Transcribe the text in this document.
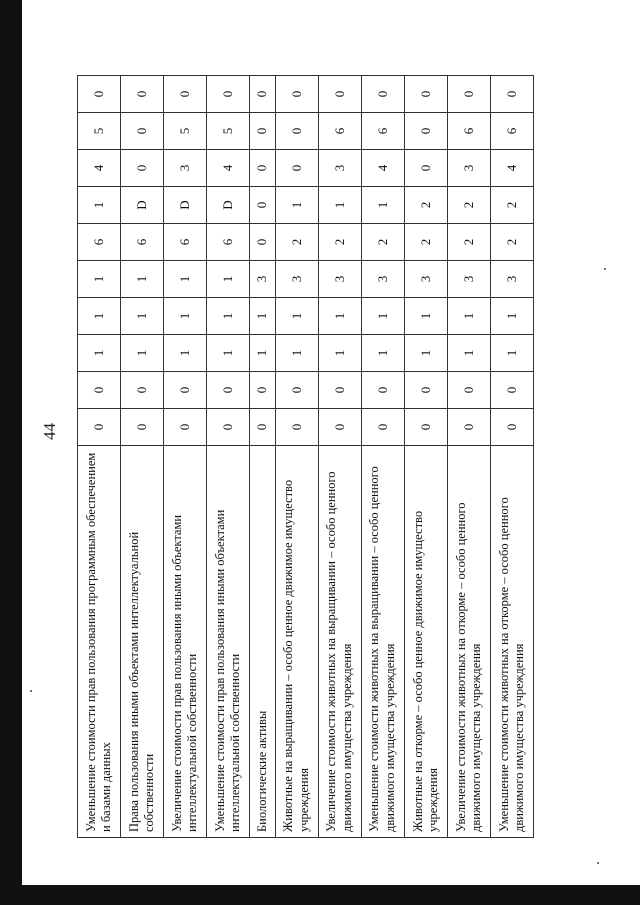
44
Уменьшение стоимости прав пользования программным обеспечением и базами данных	0	0	1	1	1	6	1	4	5	0
Права пользования иными объектами интеллектуальной собственности	0	0	1	1	1	6	D	0	0	0
Увеличение стоимости прав пользования иными объектами интеллектуальной собственности	0	0	1	1	1	6	D	3	5	0
Уменьшение стоимости прав пользования иными объектами интеллектуальной собственности	0	0	1	1	1	6	D	4	5	0
Биологические активы	0	0	1	1	3	0	0	0	0	0
Животные на выращивании – особо ценное движимое имущество учреждения	0	0	1	1	3	2	1	0	0	0
Увеличение стоимости животных на выращивании – особо ценного движимого имущества учреждения	0	0	1	1	3	2	1	3	6	0
Уменьшение стоимости животных на выращивании – особо ценного движимого имущества учреждения	0	0	1	1	3	2	1	4	6	0
Животные на откорме – особо ценное движимое имущество учреждения	0	0	1	1	3	2	2	0	0	0
Увеличение стоимости животных на откорме – особо ценного движимого имущества учреждения	0	0	1	1	3	2	2	3	6	0
Уменьшение стоимости животных на откорме – особо ценного движимого имущества учреждения	0	0	1	1	3	2	2	4	6	0
